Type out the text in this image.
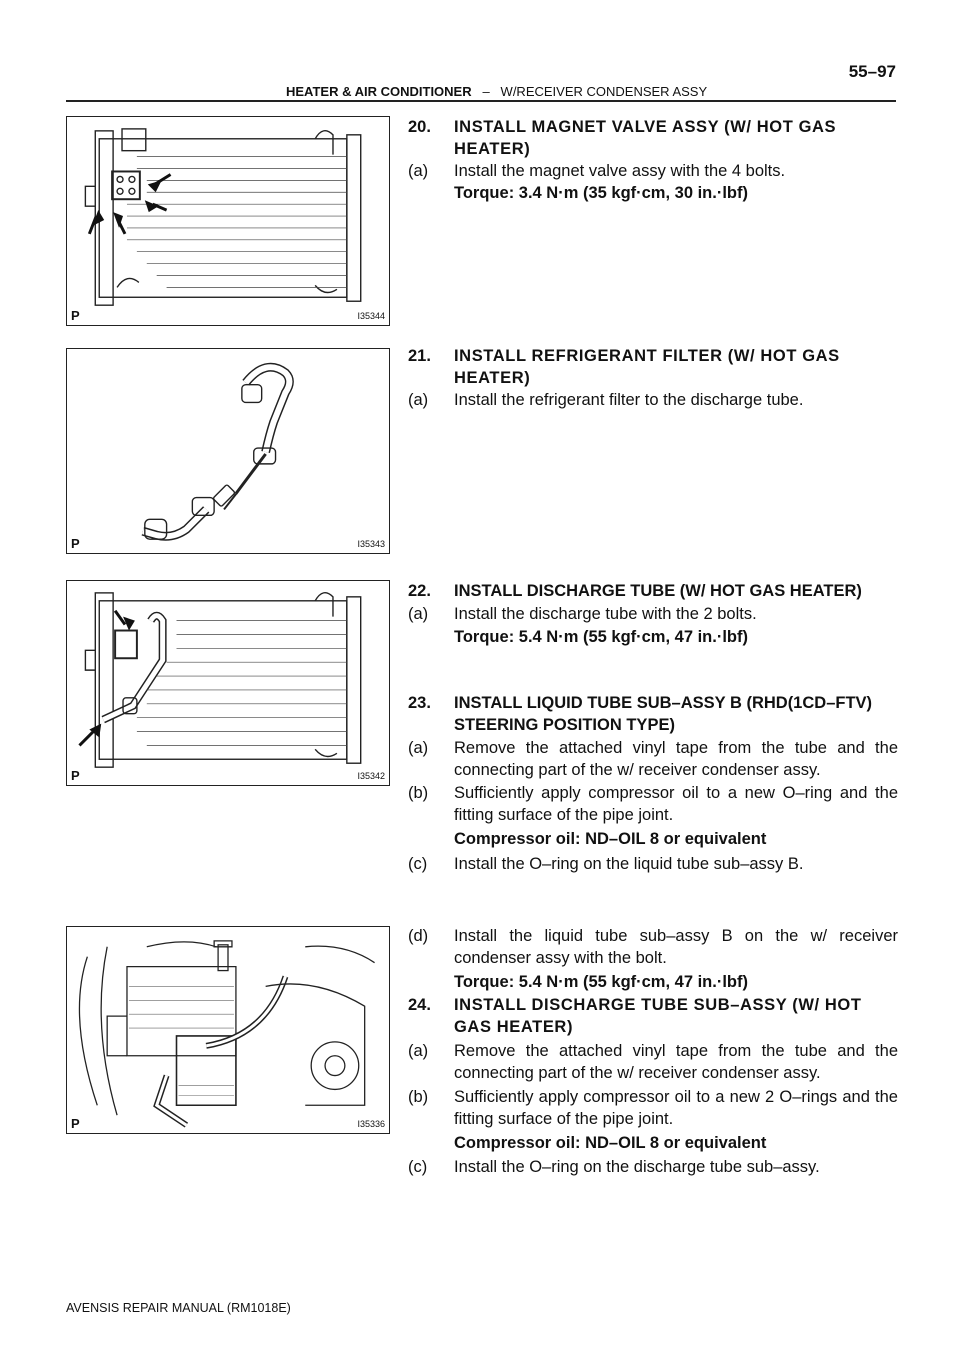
55–97
HEATER & AIR CONDITIONER – W/RECEIVER CONDENSER ASSY
P	I35344
P	I35343
P	I35342
P	I35336
20. INSTALL MAGNET VALVE ASSY (W/ HOT GAS HEATER)
(a) Install the magnet valve assy with the 4 bolts.
Torque: 3.4 N·m (35 kgf·cm, 30 in.·lbf)
21. INSTALL REFRIGERANT FILTER (W/ HOT GAS HEATER)
(a) Install the refrigerant filter to the discharge tube.
22. INSTALL DISCHARGE TUBE (W/ HOT GAS HEATER)
(a) Install the discharge tube with the 2 bolts.
Torque: 5.4 N·m (55 kgf·cm, 47 in.·lbf)
23. INSTALL LIQUID TUBE SUB–ASSY B (RHD(1CD–FTV) STEERING POSITION TYPE)
(a) Remove the attached vinyl tape from the tube and the connecting part of the w/ receiver condenser assy.
(b) Sufficiently apply compressor oil to a new O–ring and the fitting surface of the pipe joint.
Compressor oil: ND–OIL 8 or equivalent
(c) Install the O–ring on the liquid tube sub–assy B.
(d) Install the liquid tube sub–assy B on the w/ receiver condenser assy with the bolt.
Torque: 5.4 N·m (55 kgf·cm, 47 in.·lbf)
24. INSTALL DISCHARGE TUBE SUB–ASSY (W/ HOT GAS HEATER)
(a) Remove the attached vinyl tape from the tube and the connecting part of the w/ receiver condenser assy.
(b) Sufficiently apply compressor oil to a new 2 O–rings and the fitting surface of the pipe joint.
Compressor oil: ND–OIL 8 or equivalent
(c) Install the O–ring on the discharge tube sub–assy.
AVENSIS REPAIR MANUAL (RM1018E)
